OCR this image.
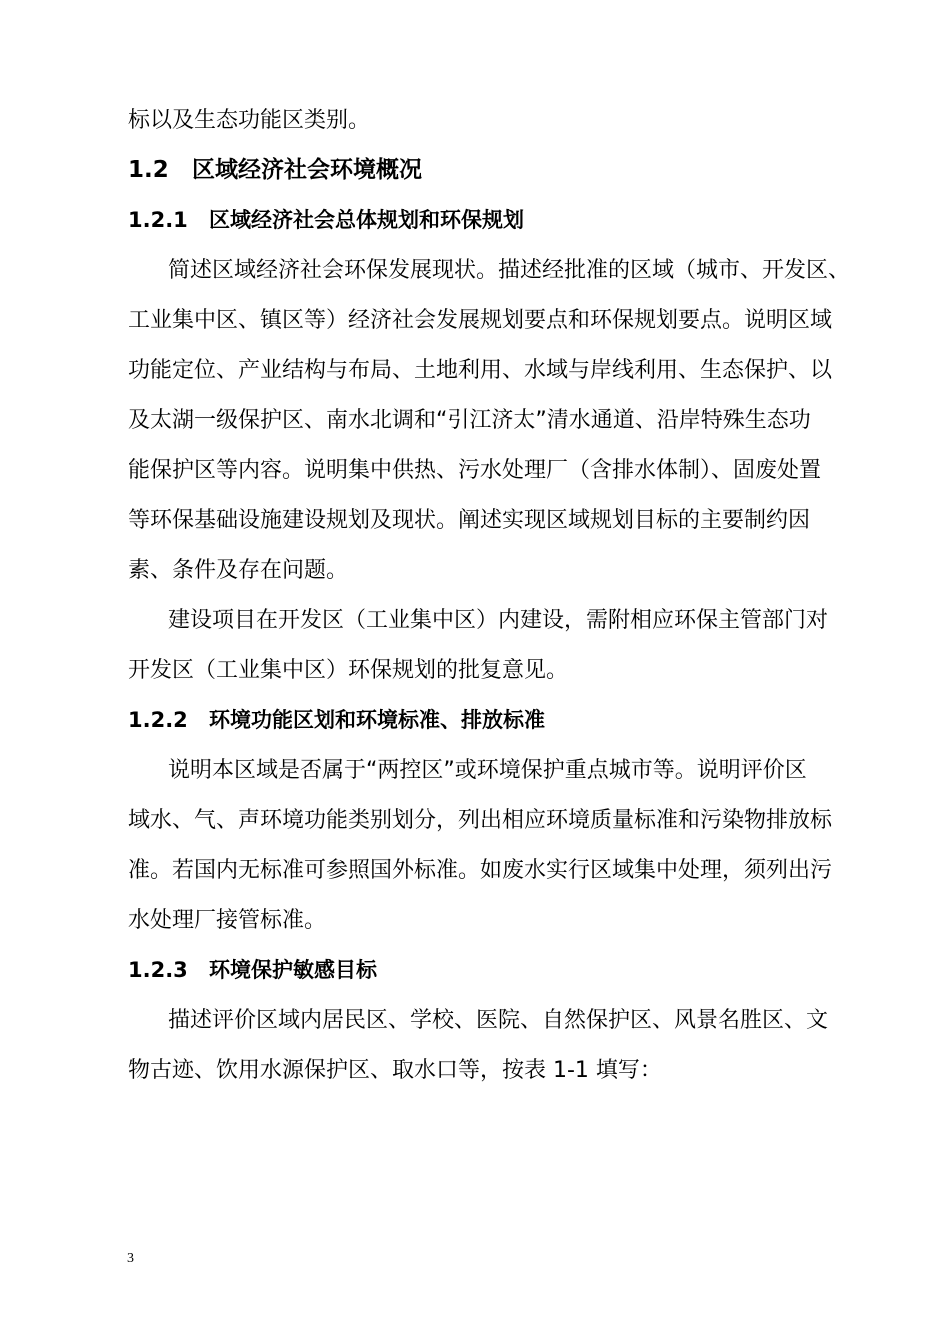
标以及生态功能区类别。
1.2 区域经济社会环境概况
1.2.1 区域经济社会总体规划和环保规划
简述区域经济社会环保发展现状。描述经批准的区域（城市、开发区、
工业集中区、镇区等）经济社会发展规划要点和环保规划要点。说明区域
功能定位、产业结构与布局、土地利用、水域与岸线利用、生态保护、以
及太湖一级保护区、南水北调和“引江济太”清水通道、沿岸特殊生态功
能保护区等内容。说明集中供热、污水处理厂（含排水体制）、固废处置
等环保基础设施建设规划及现状。阐述实现区域规划目标的主要制约因
素、条件及存在问题。
建设项目在开发区（工业集中区）内建设，需附相应环保主管部门对
开发区（工业集中区）环保规划的批复意见。
1.2.2 环境功能区划和环境标准、排放标准
说明本区域是否属于“两控区”或环境保护重点城市等。说明评价区
域水、气、声环境功能类别划分，列出相应环境质量标准和污染物排放标
准。若国内无标准可参照国外标准。如废水实行区域集中处理，须列出污
水处理厂接管标准。
1.2.3 环境保护敏感目标
描述评价区域内居民区、学校、医院、自然保护区、风景名胜区、文
物古迹、饮用水源保护区、取水口等，按表 1-1 填写：
3
